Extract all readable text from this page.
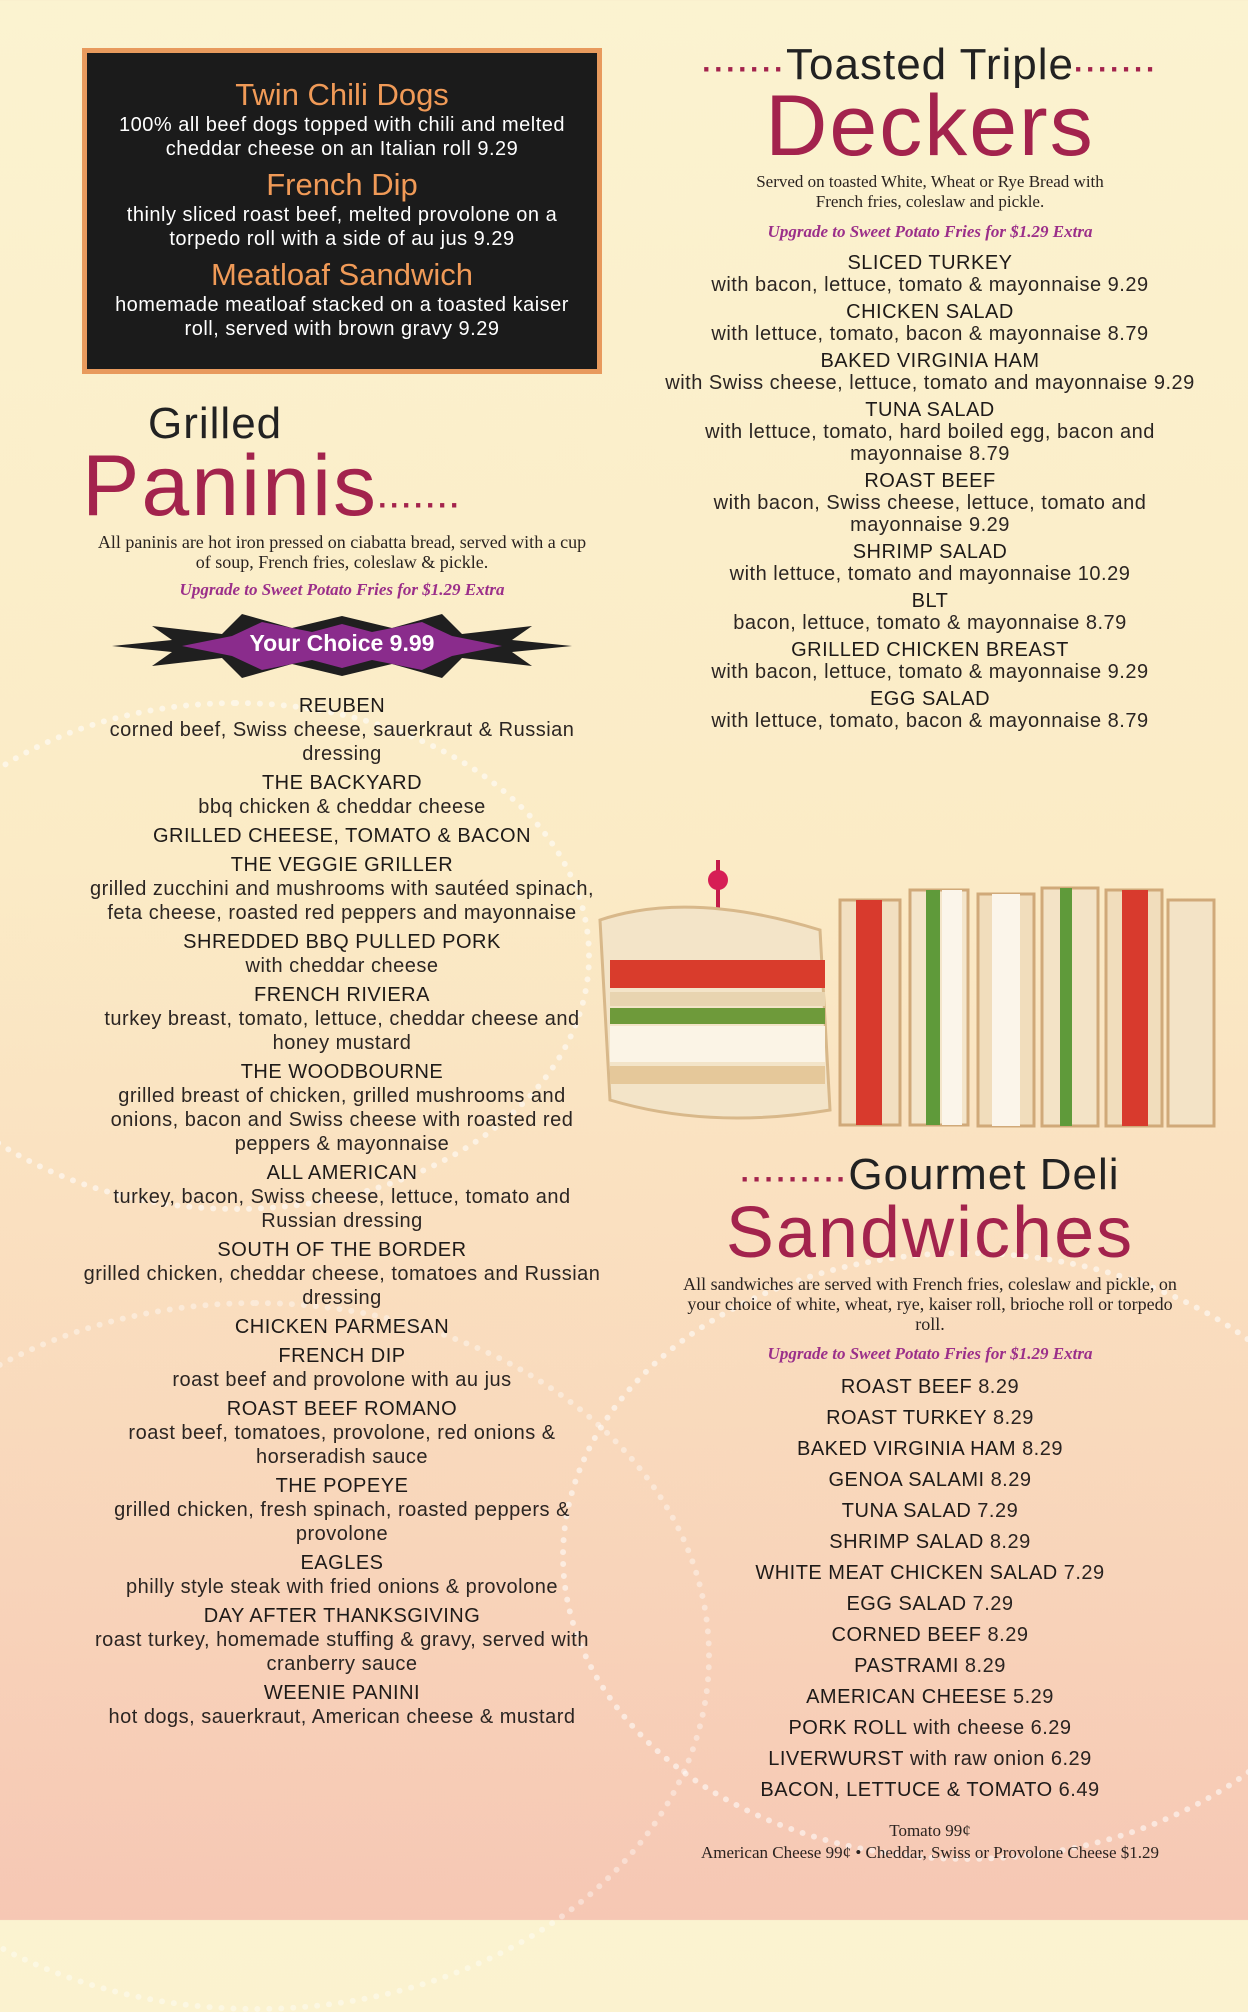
Twin Chili Dogs
100% all beef dogs topped with chili and melted cheddar cheese on an Italian roll 9.29
French Dip
thinly sliced roast beef, melted provolone on a torpedo roll with a side of au jus 9.29
Meatloaf Sandwich
homemade meatloaf stacked on a toasted kaiser roll, served with brown gravy 9.29
Grilled
Paninis·······
All paninis are hot iron pressed on ciabatta bread, served with a cup of soup, French fries, coleslaw & pickle.
Upgrade to Sweet Potato Fries for $1.29 Extra
Your Choice 9.99
REUBEN
corned beef, Swiss cheese, sauerkraut & Russian dressing
THE BACKYARD
bbq chicken & cheddar cheese
GRILLED CHEESE, TOMATO & BACON
THE VEGGIE GRILLER
grilled zucchini and mushrooms with sautéed spinach, feta cheese, roasted red peppers and mayonnaise
SHREDDED BBQ PULLED PORK
with cheddar cheese
FRENCH RIVIERA
turkey breast, tomato, lettuce, cheddar cheese and honey mustard
THE WOODBOURNE
grilled breast of chicken, grilled mushrooms and onions, bacon and Swiss cheese with roasted red peppers & mayonnaise
ALL AMERICAN
turkey, bacon, Swiss cheese, lettuce, tomato and Russian dressing
SOUTH OF THE BORDER
grilled chicken, cheddar cheese, tomatoes and Russian dressing
CHICKEN PARMESAN
FRENCH DIP
roast beef and provolone with au jus
ROAST BEEF ROMANO
roast beef, tomatoes, provolone, red onions & horseradish sauce
THE POPEYE
grilled chicken, fresh spinach, roasted peppers & provolone
EAGLES
philly style steak with fried onions & provolone
DAY AFTER THANKSGIVING
roast turkey, homemade stuffing & gravy, served with cranberry sauce
WEENIE PANINI
hot dogs, sauerkraut, American cheese & mustard
·······Toasted Triple·······
Deckers
Served on toasted White, Wheat or Rye Bread with French fries, coleslaw and pickle.
Upgrade to Sweet Potato Fries for $1.29 Extra
SLICED TURKEY
with bacon, lettuce, tomato & mayonnaise 9.29
CHICKEN SALAD
with lettuce, tomato, bacon & mayonnaise 8.79
BAKED VIRGINIA HAM
with Swiss cheese, lettuce, tomato and mayonnaise 9.29
TUNA SALAD
with lettuce, tomato, hard boiled egg, bacon and mayonnaise 8.79
ROAST BEEF
with bacon, Swiss cheese, lettuce, tomato and mayonnaise 9.29
SHRIMP SALAD
with lettuce, tomato and mayonnaise 10.29
BLT
bacon, lettuce, tomato & mayonnaise 8.79
GRILLED CHICKEN BREAST
with bacon, lettuce, tomato & mayonnaise 9.29
EGG SALAD
with lettuce, tomato, bacon & mayonnaise 8.79
·········Gourmet Deli
Sandwiches
All sandwiches are served with French fries, coleslaw and pickle, on your choice of white, wheat, rye, kaiser roll, brioche roll or torpedo roll.
Upgrade to Sweet Potato Fries for $1.29 Extra
ROAST BEEF 8.29
ROAST TURKEY 8.29
BAKED VIRGINIA HAM 8.29
GENOA SALAMI 8.29
TUNA SALAD 7.29
SHRIMP SALAD 8.29
WHITE MEAT CHICKEN SALAD 7.29
EGG SALAD 7.29
CORNED BEEF 8.29
PASTRAMI 8.29
AMERICAN CHEESE 5.29
PORK ROLL with cheese 6.29
LIVERWURST with raw onion 6.29
BACON, LETTUCE & TOMATO 6.49
Tomato 99¢
American Cheese 99¢ • Cheddar, Swiss or Provolone Cheese $1.29
